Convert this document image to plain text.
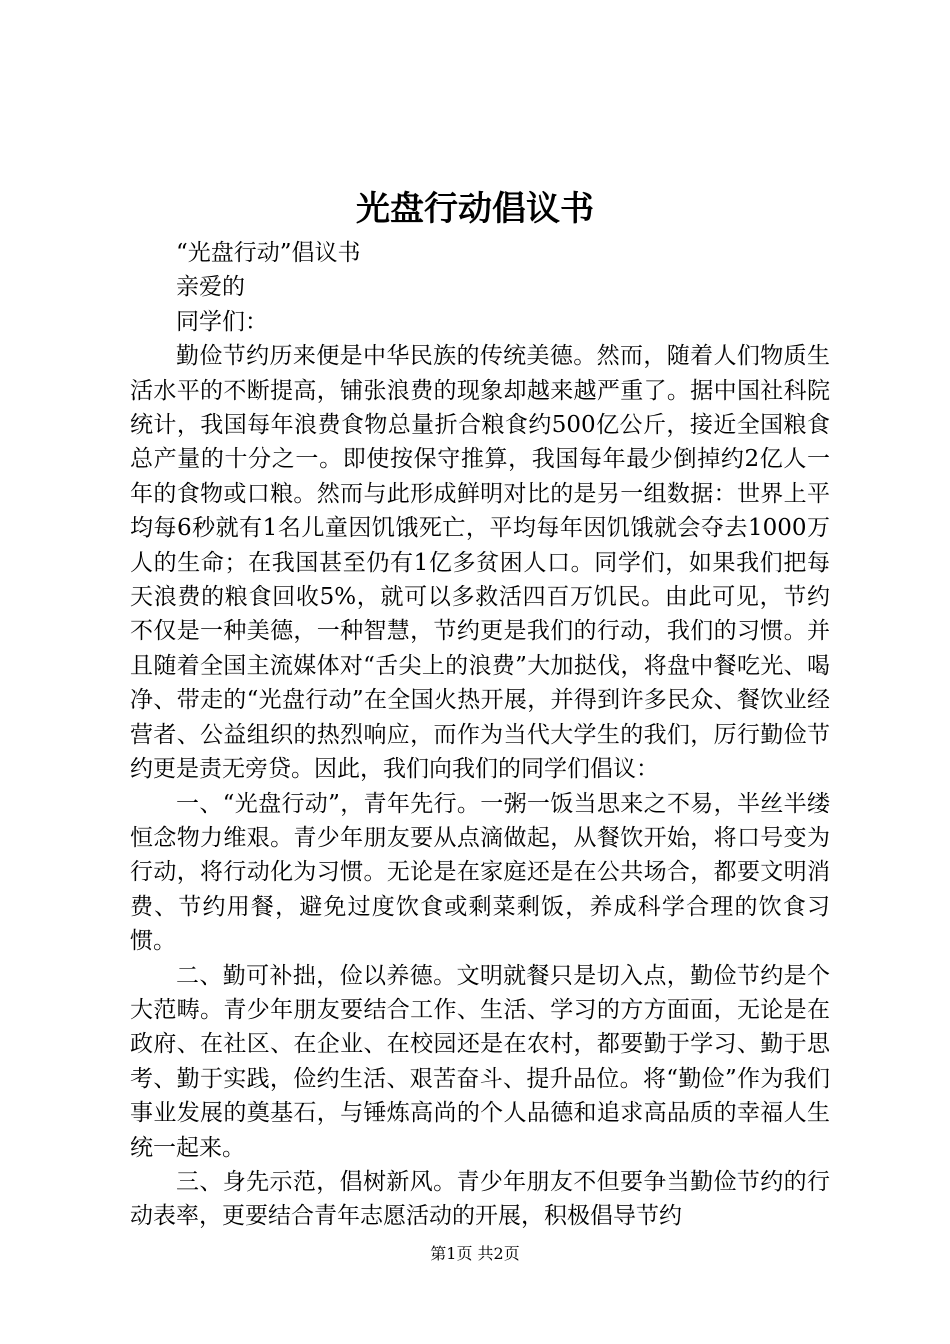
光盘行动倡议书

“光盘行动”倡议书

亲爱的

同学们：

勤俭节约历来便是中华民族的传统美德。然而，随着人们物质生活水平的不断提高，铺张浪费的现象却越来越严重了。据中国社科院统计，我国每年浪费食物总量折合粮食约500亿公斤，接近全国粮食总产量的十分之一。即使按保守推算，我国每年最少倒掉约2亿人一年的食物或口粮。然而与此形成鲜明对比的是另一组数据：世界上平均每6秒就有1名儿童因饥饿死亡，平均每年因饥饿就会夺去1000万人的生命；在我国甚至仍有1亿多贫困人口。同学们，如果我们把每天浪费的粮食回收5%，就可以多救活四百万饥民。由此可见，节约不仅是一种美德，一种智慧，节约更是我们的行动，我们的习惯。并且随着全国主流媒体对“舌尖上的浪费”大加挞伐，将盘中餐吃光、喝净、带走的“光盘行动”在全国火热开展，并得到许多民众、餐饮业经营者、公益组织的热烈响应，而作为当代大学生的我们，厉行勤俭节约更是责无旁贷。因此，我们向我们的同学们倡议：

一、“光盘行动”，青年先行。一粥一饭当思来之不易，半丝半缕恒念物力维艰。青少年朋友要从点滴做起，从餐饮开始，将口号变为行动，将行动化为习惯。无论是在家庭还是在公共场合，都要文明消费、节约用餐，避免过度饮食或剩菜剩饭，养成科学合理的饮食习惯。

二、勤可补拙，俭以养德。文明就餐只是切入点，勤俭节约是个大范畴。青少年朋友要结合工作、生活、学习的方方面面，无论是在政府、在社区、在企业、在校园还是在农村，都要勤于学习、勤于思考、勤于实践，俭约生活、艰苦奋斗、提升品位。将“勤俭”作为我们事业发展的奠基石，与锤炼高尚的个人品德和追求高品质的幸福人生统一起来。

三、身先示范，倡树新风。青少年朋友不但要争当勤俭节约的行动表率，更要结合青年志愿活动的开展，积极倡导节约

第1页 共2页
